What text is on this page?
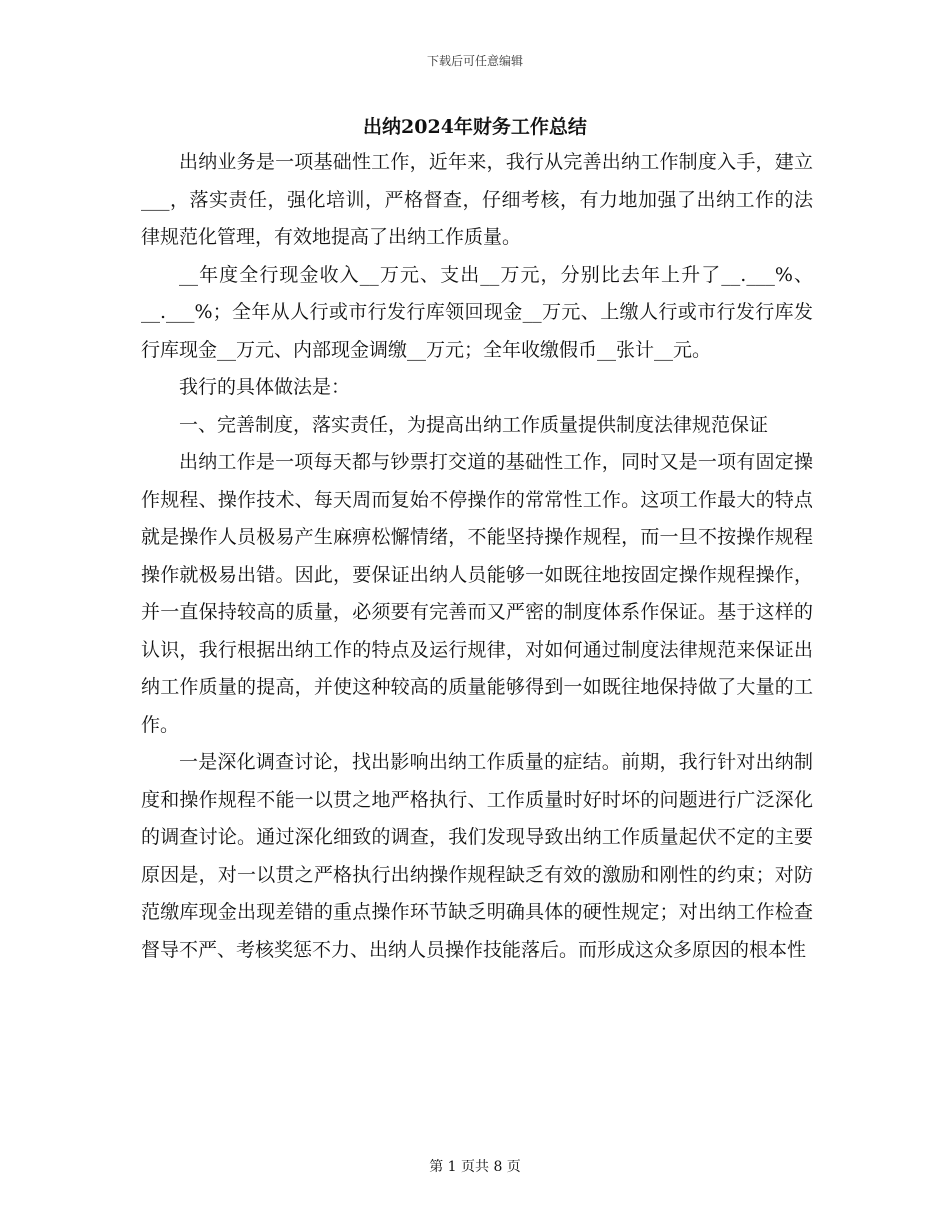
下载后可任意编辑
出纳2024年财务工作总结

出纳业务是一项基础性工作，近年来，我行从完善出纳工作制度入手，建立___，落实责任，强化培训，严格督查，仔细考核，有力地加强了出纳工作的法律规范化管理，有效地提高了出纳工作质量。

__年度全行现金收入__万元、支出__万元，分别比去年上升了__.___%、__.___%；全年从人行或市行发行库领回现金__万元、上缴人行或市行发行库发行库现金__万元、内部现金调缴__万元；全年收缴假币__张计__元。

我行的具体做法是：

一、完善制度，落实责任，为提高出纳工作质量提供制度法律规范保证

出纳工作是一项每天都与钞票打交道的基础性工作，同时又是一项有固定操作规程、操作技术、每天周而复始不停操作的常常性工作。这项工作最大的特点就是操作人员极易产生麻痹松懈情绪，不能坚持操作规程，而一旦不按操作规程操作就极易出错。因此，要保证出纳人员能够一如既往地按固定操作规程操作，并一直保持较高的质量，必须要有完善而又严密的制度体系作保证。基于这样的认识，我行根据出纳工作的特点及运行规律，对如何通过制度法律规范来保证出纳工作质量的提高，并使这种较高的质量能够得到一如既往地保持做了大量的工作。

一是深化调查讨论，找出影响出纳工作质量的症结。前期，我行针对出纳制度和操作规程不能一以贯之地严格执行、工作质量时好时坏的问题进行广泛深化的调查讨论。通过深化细致的调查，我们发现导致出纳工作质量起伏不定的主要原因是，对一以贯之严格执行出纳操作规程缺乏有效的激励和刚性的约束；对防范缴库现金出现差错的重点操作环节缺乏明确具体的硬性规定；对出纳工作检查督导不严、考核奖惩不力、出纳人员操作技能落后。而形成这众多原因的根本性

第 1 页共 8 页
